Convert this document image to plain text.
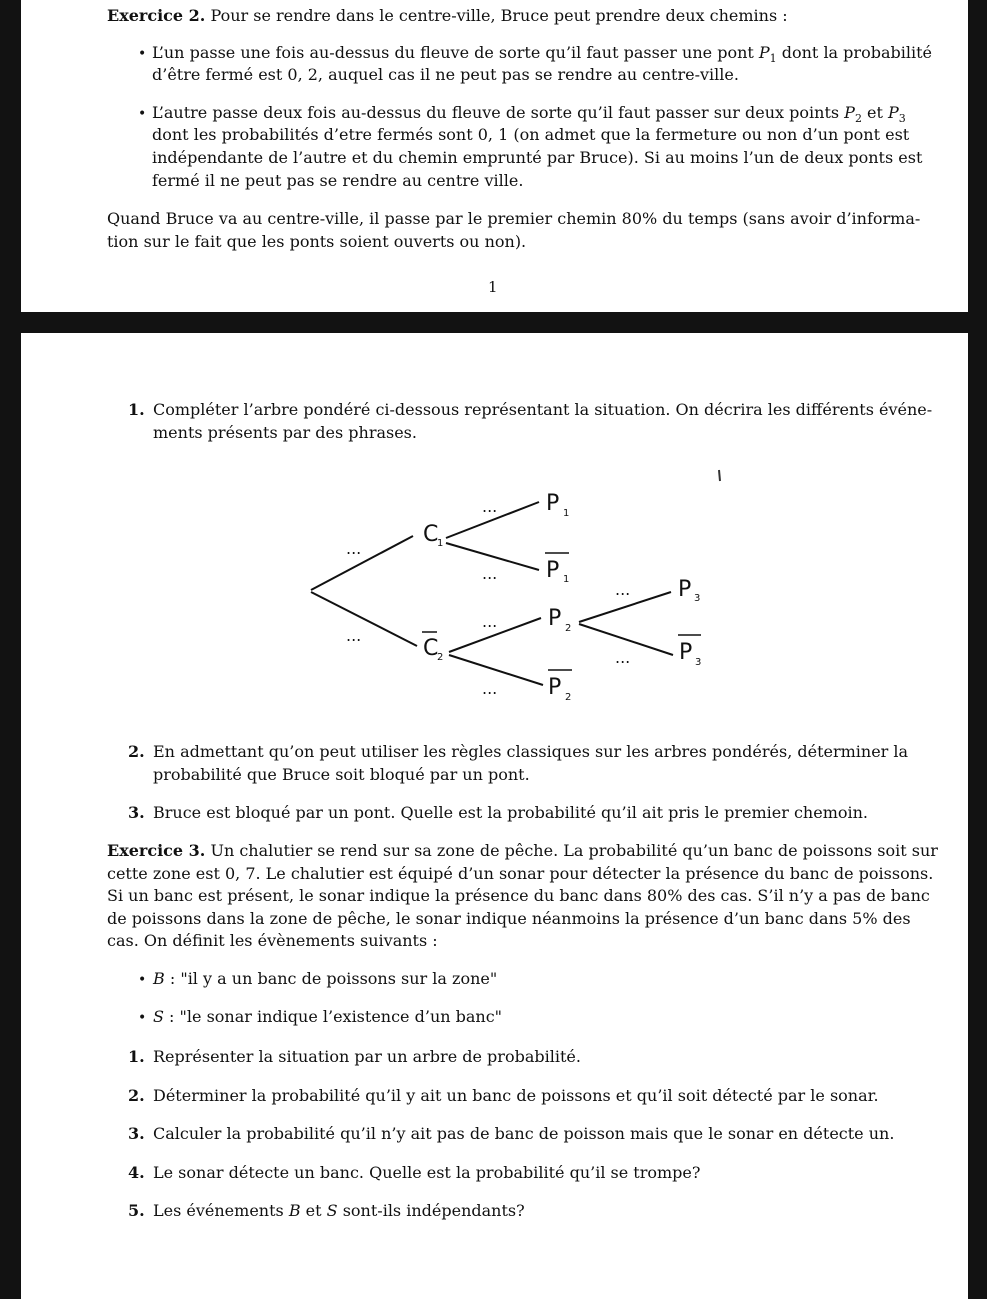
Exercice 2. Pour se rendre dans le centre-ville, Bruce peut prendre deux chemins :
• L’un passe une fois au-dessus du fleuve de sorte qu’il faut passer une pont $P_1$ dont la probabilité
d’être fermé est 0, 2, auquel cas il ne peut pas se rendre au centre-ville.
• L’autre passe deux fois au-dessus du fleuve de sorte qu’il faut passer sur deux points $P_2$ et $P_3$
dont les probabilités d’etre fermés sont 0, 1 (on admet que la fermeture ou non d’un pont est
indépendante de l’autre et du chemin emprunté par Bruce). Si au moins l’un de deux ponts est
fermé il ne peut pas se rendre au centre ville.
Quand Bruce va au centre-ville, il passe par le premier chemin 80% du temps (sans avoir d’informa-
tion sur le fait que les ponts soient ouverts ou non).
1
1. Compléter l’arbre pondéré ci-dessous représentant la situation. On décrira les différents événe-
ments présents par des phrases.
...
...
...
...
...
...
...
...
C
1
C
2
P 1
P 1
P 2
P 2
P 3
P 3
2. En admettant qu’on peut utiliser les règles classiques sur les arbres pondérés, déterminer la
probabilité que Bruce soit bloqué par un pont.
3. Bruce est bloqué par un pont. Quelle est la probabilité qu’il ait pris le premier chemoin.
Exercice 3. Un chalutier se rend sur sa zone de pêche. La probabilité qu’un banc de poissons soit sur
cette zone est 0, 7. Le chalutier est équipé d’un sonar pour détecter la présence du banc de poissons.
Si un banc est présent, le sonar indique la présence du banc dans 80% des cas. S’il n’y a pas de banc
de poissons dans la zone de pêche, le sonar indique néanmoins la présence d’un banc dans 5% des
cas. On définit les évènements suivants :
• B : "il y a un banc de poissons sur la zone"
• S : "le sonar indique l’existence d’un banc"
1. Représenter la situation par un arbre de probabilité.
2. Déterminer la probabilité qu’il y ait un banc de poissons et qu’il soit détecté par le sonar.
3. Calculer la probabilité qu’il n’y ait pas de banc de poisson mais que le sonar en détecte un.
4. Le sonar détecte un banc. Quelle est la probabilité qu’il se trompe?
5. Les événements B et S sont-ils indépendants?
